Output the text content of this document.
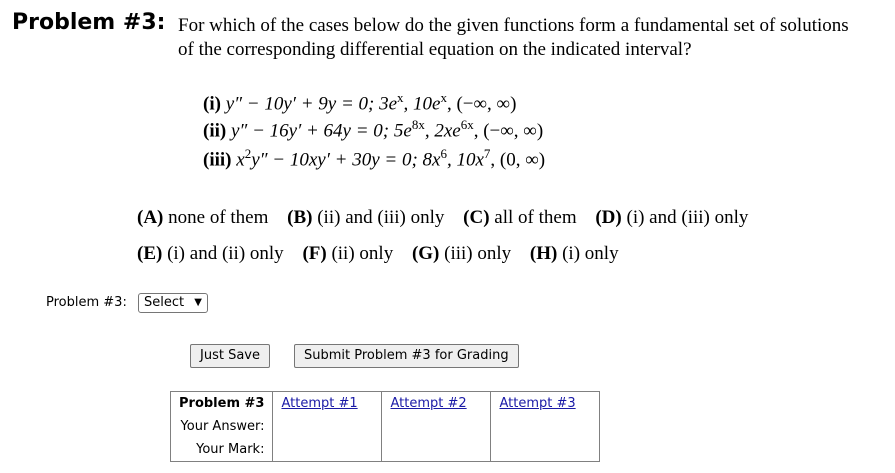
Problem #3: For which of the cases below do the given functions form a fundamental set of solutions
of the corresponding differential equation on the indicated interval?
(i) y″ − 10y′ + 9y = 0; $3e^x$, $10e^x$, (−∞, ∞)
(ii) y″ − 16y′ + 64y = 0; $5e^{8x}$, $2xe^{6x}$, (−∞, ∞)
(iii) $x^2y'' - 10xy' + 30y = 0$; $8x^6$, $10x^7$, (0, ∞)
(A) none of them (B) (ii) and (iii) only (C) all of them (D) (i) and (iii) only
(E) (i) and (ii) only (F) (ii) only (G) (iii) only (H) (i) only
Problem #3:	Select ▼
Just Save	Submit Problem #3 for Grading
Problem #3	Attempt #1	Attempt #2	Attempt #3
Your Answer:			
Your Mark:			
